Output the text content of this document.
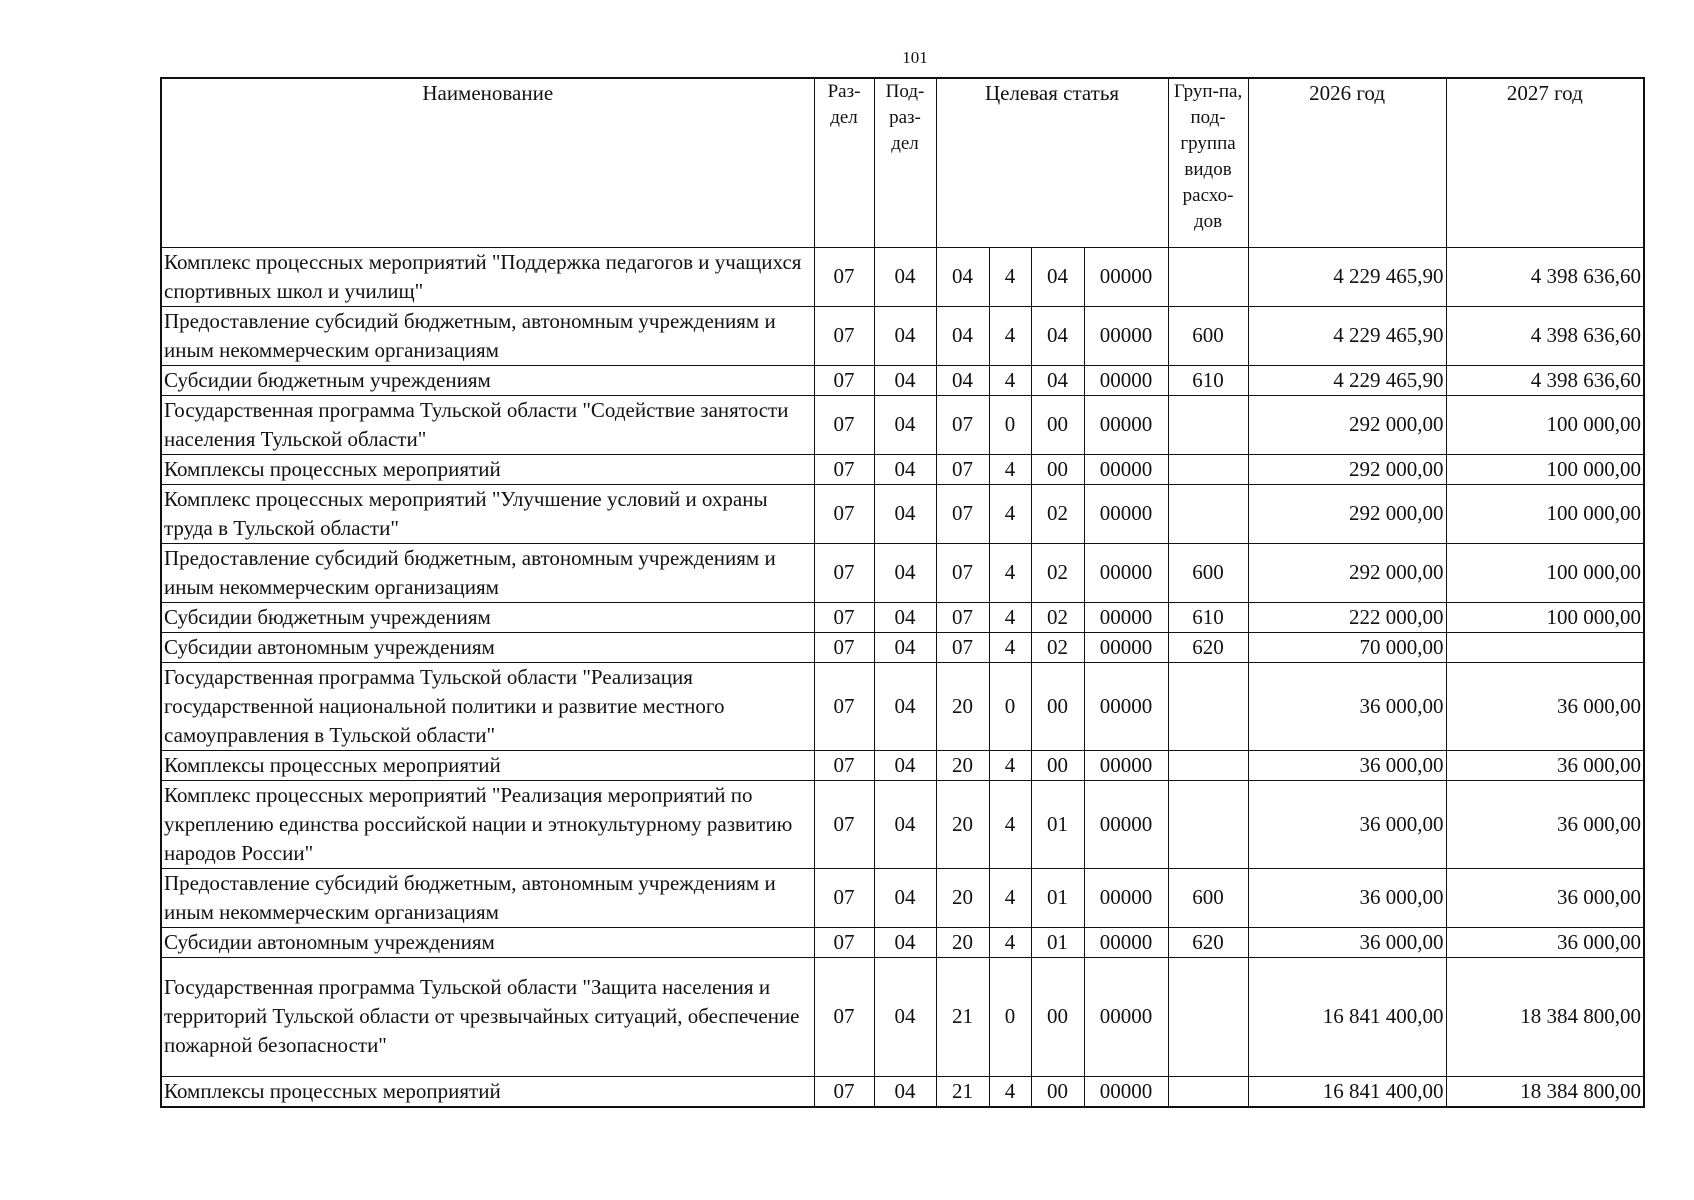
101
Наименование	Раз-дел	Под-раз-дел	Целевая статья				Груп-па, под-группа видов расхо-дов	2026 год	2027 год
Комплекс процессных мероприятий "Поддержка педагогов и учащихся спортивных школ и училищ"	07	04	04	4	04	00000		4 229 465,90	4 398 636,60
Предоставление субсидий бюджетным, автономным учреждениям и иным некоммерческим организациям	07	04	04	4	04	00000	600	4 229 465,90	4 398 636,60
Субсидии бюджетным учреждениям	07	04	04	4	04	00000	610	4 229 465,90	4 398 636,60
Государственная программа Тульской области "Содействие занятости населения Тульской области"	07	04	07	0	00	00000		292 000,00	100 000,00
Комплексы процессных мероприятий	07	04	07	4	00	00000		292 000,00	100 000,00
Комплекс процессных мероприятий "Улучшение условий и охраны труда в Тульской области"	07	04	07	4	02	00000		292 000,00	100 000,00
Предоставление субсидий бюджетным, автономным учреждениям и иным некоммерческим организациям	07	04	07	4	02	00000	600	292 000,00	100 000,00
Субсидии бюджетным учреждениям	07	04	07	4	02	00000	610	222 000,00	100 000,00
Субсидии автономным учреждениям	07	04	07	4	02	00000	620	70 000,00	
Государственная программа Тульской области "Реализация государственной национальной политики и развитие местного самоуправления в Тульской области"	07	04	20	0	00	00000		36 000,00	36 000,00
Комплексы процессных мероприятий	07	04	20	4	00	00000		36 000,00	36 000,00
Комплекс процессных мероприятий "Реализация мероприятий по укреплению единства российской нации и этнокультурному развитию народов России"	07	04	20	4	01	00000		36 000,00	36 000,00
Предоставление субсидий бюджетным, автономным учреждениям и иным некоммерческим организациям	07	04	20	4	01	00000	600	36 000,00	36 000,00
Субсидии автономным учреждениям	07	04	20	4	01	00000	620	36 000,00	36 000,00
Государственная программа Тульской области "Защита населения и территорий Тульской области от чрезвычайных ситуаций, обеспечение пожарной безопасности"	07	04	21	0	00	00000		16 841 400,00	18 384 800,00
Комплексы процессных мероприятий	07	04	21	4	00	00000		16 841 400,00	18 384 800,00
